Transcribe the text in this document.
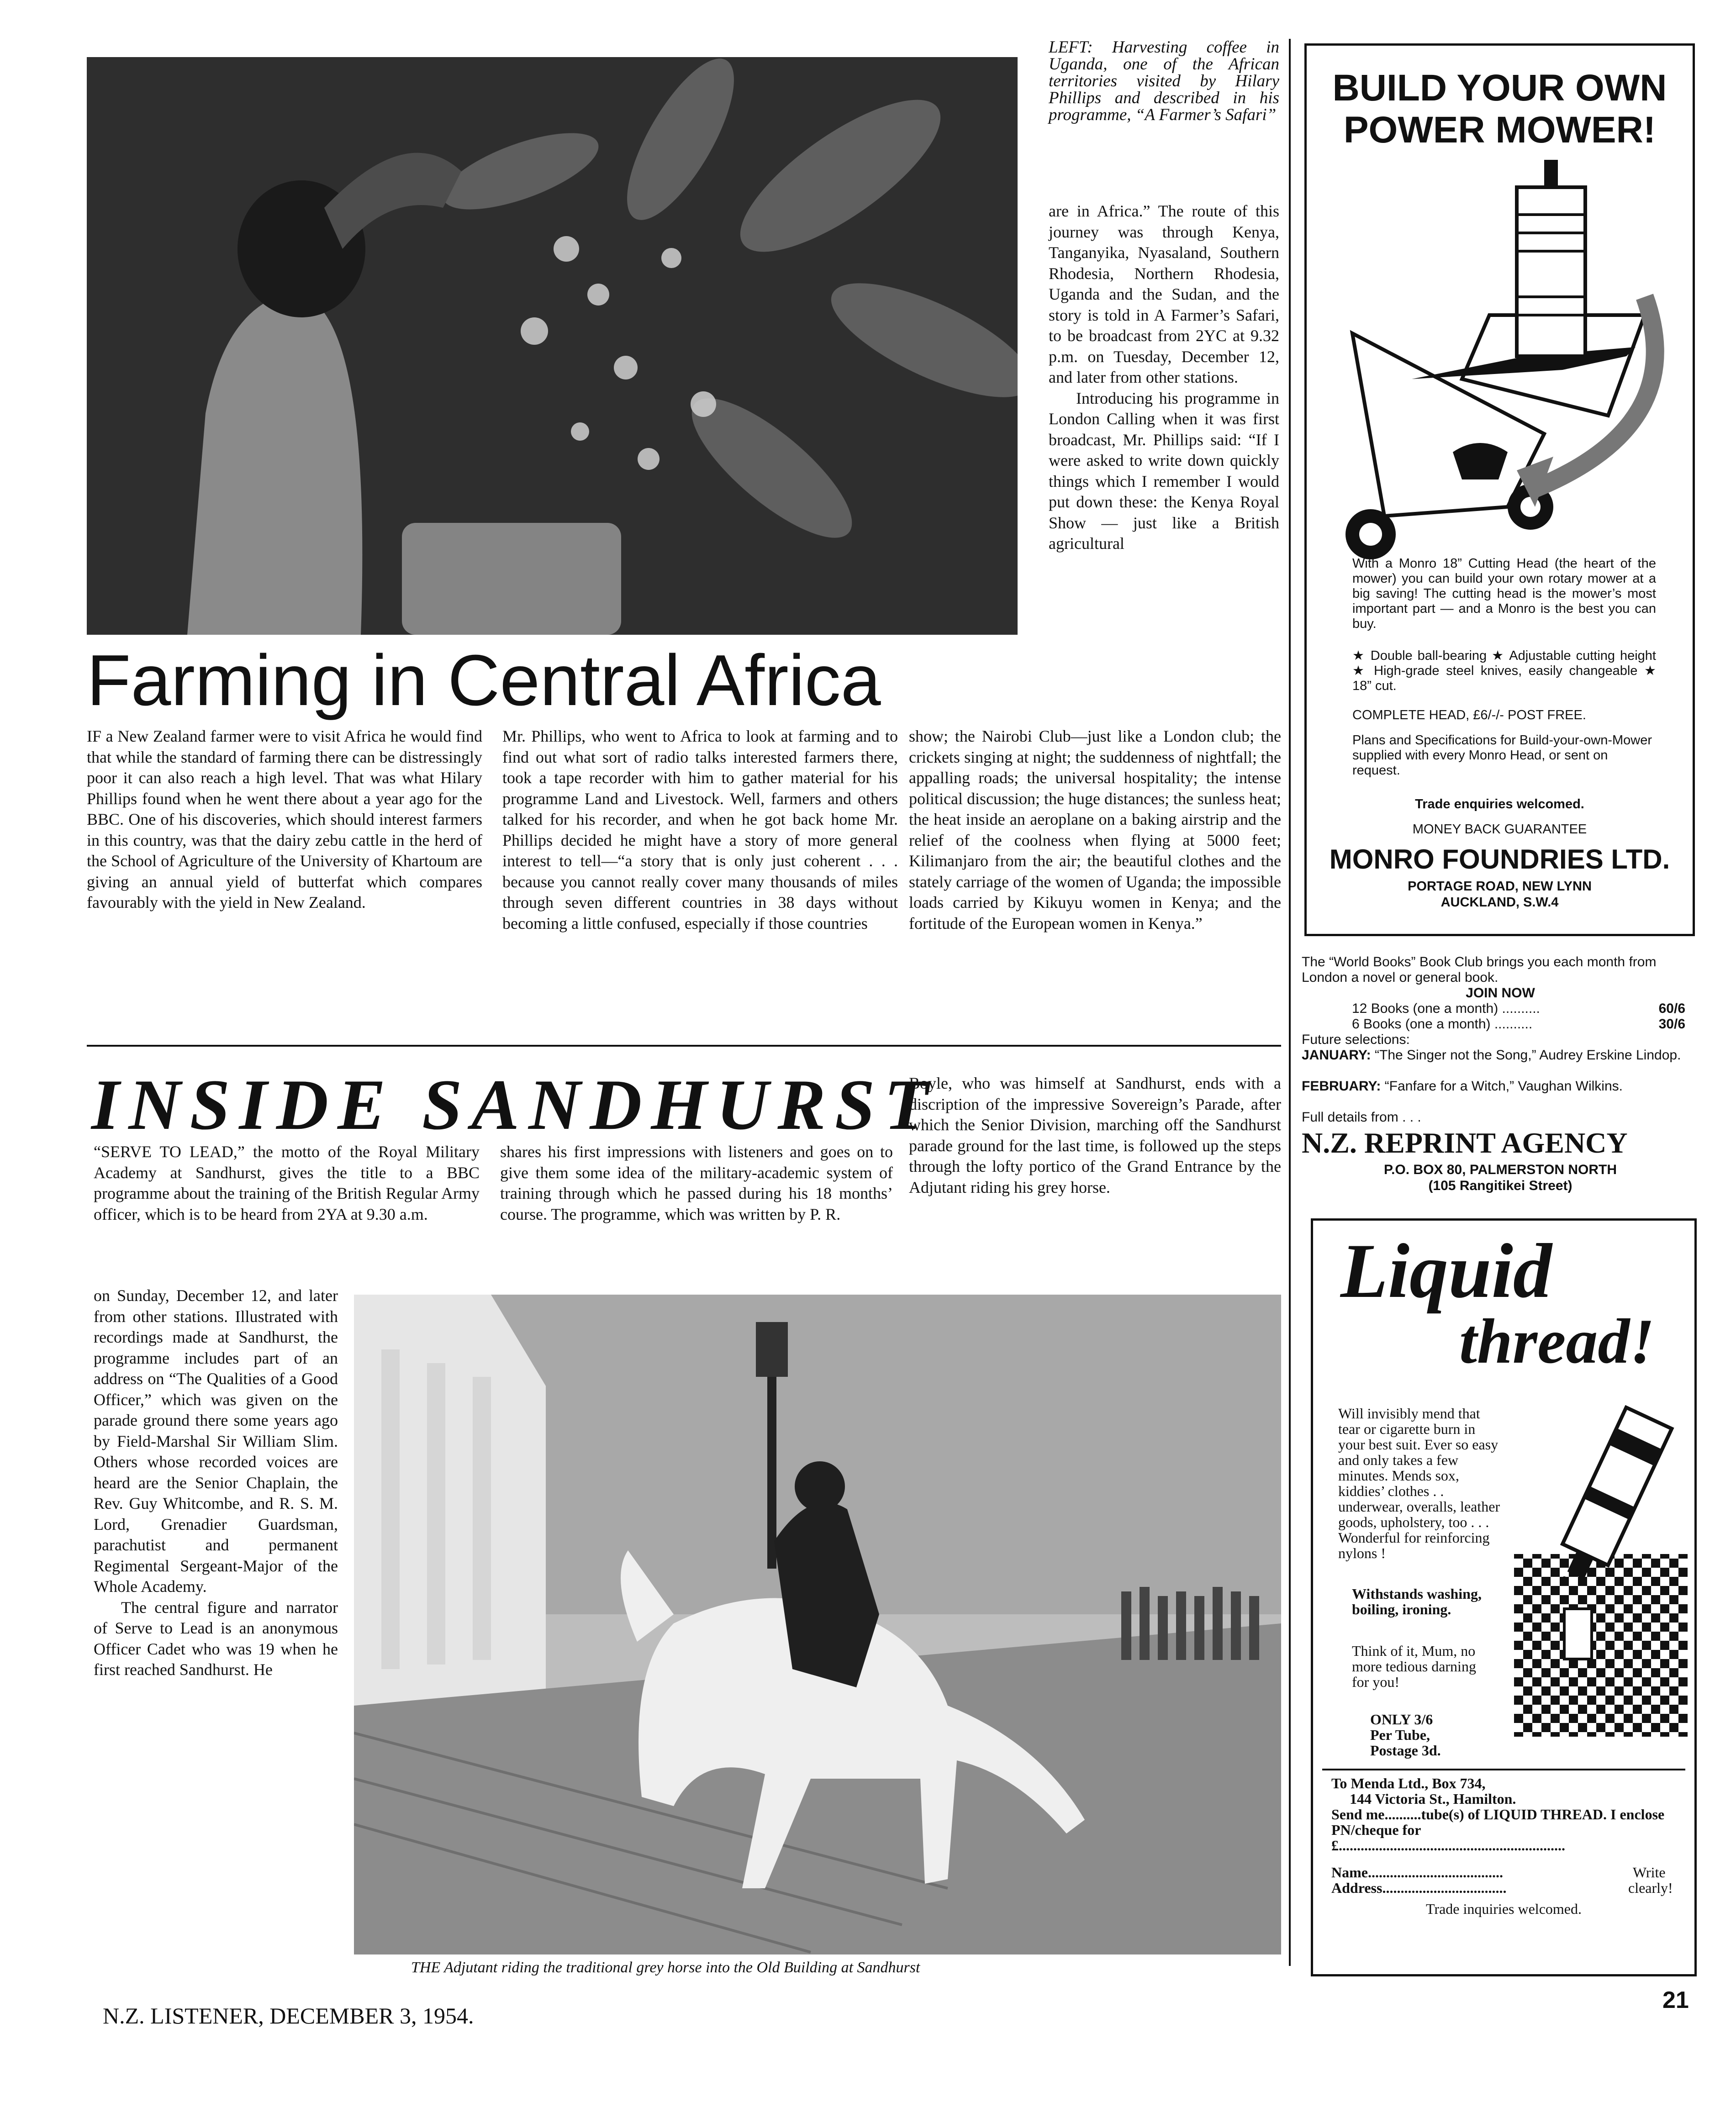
LEFT: Harvesting coffee in Uganda, one of the African territories visited by Hilary Phillips and described in his programme, “A Farmer’s Safari”
Farming in Central Africa

are in Africa.” The route of this journey was through Kenya, Tanganyika, Nyasaland, Southern Rhodesia, Northern Rhodesia, Uganda and the Sudan, and the story is told in A Farmer’s Safari, to be broadcast from 2YC at 9.32 p.m. on Tuesday, December 12, and later from other stations.

Introducing his programme in London Calling when it was first broadcast, Mr. Phillips said: “If I were asked to write down quickly things which I remember I would put down these: the Kenya Royal Show — just like a British agricultural

IF a New Zealand farmer were to visit Africa he would find that while the standard of farming there can be distressingly poor it can also reach a high level. That was what Hilary Phillips found when he went there about a year ago for the BBC. One of his discoveries, which should interest farmers in this country, was that the dairy zebu cattle in the herd of the School of Agriculture of the University of Khartoum are giving an annual yield of butterfat which compares favourably with the yield in New Zealand.
Mr. Phillips, who went to Africa to look at farming and to find out what sort of radio talks interested farmers there, took a tape recorder with him to gather material for his programme Land and Livestock. Well, farmers and others talked for his recorder, and when he got back home Mr. Phillips decided he might have a story of more general interest to tell—“a story that is only just coherent . . . because you cannot really cover many thousands of miles through seven different countries in 38 days without becoming a little confused, especially if those countries
show; the Nairobi Club—just like a London club; the crickets singing at night; the suddenness of nightfall; the appalling roads; the universal hospitality; the intense political discussion; the huge distances; the sunless heat; the heat inside an aeroplane on a baking airstrip and the relief of the coolness when flying at 5000 feet; Kilimanjaro from the air; the beautiful clothes and the stately carriage of the women of Uganda; the impossible loads carried by Kikuyu women in Kenya; and the fortitude of the European women in Kenya.”
INSIDE SANDHURST
“SERVE TO LEAD,” the motto of the Royal Military Academy at Sandhurst, gives the title to a BBC programme about the training of the British Regular Army officer, which is to be heard from 2YA at 9.30 a.m.

on Sunday, December 12, and later from other stations. Illustrated with recordings made at Sandhurst, the programme includes part of an address on “The Qualities of a Good Officer,” which was given on the parade ground there some years ago by Field-Marshal Sir William Slim. Others whose recorded voices are heard are the Senior Chaplain, the Rev. Guy Whitcombe, and R. S. M. Lord, Grenadier Guardsman, parachutist and permanent Regimental Sergeant-Major of the Whole Academy.

The central figure and narrator of Serve to Lead is an anonymous Officer Cadet who was 19 when he first reached Sandhurst. He

shares his first impressions with listeners and goes on to give them some idea of the military-academic system of training through which he passed during his 18 months’ course. The programme, which was written by P. R.
Boyle, who was himself at Sandhurst, ends with a discription of the impressive Sovereign’s Parade, after which the Senior Division, marching off the Sandhurst parade ground for the last time, is followed up the steps through the lofty portico of the Grand Entrance by the Adjutant riding his grey horse.
THE Adjutant riding the traditional grey horse into the Old Building at Sandhurst
N.Z. LISTENER, DECEMBER 3, 1954.
21
BUILD YOUR OWN
POWER MOWER!
With a Monro 18” Cutting Head (the heart of the mower) you can build your own rotary mower at a big saving! The cutting head is the mower’s most important part — and a Monro is the best you can buy.
★ Double ball-bearing ★ Adjustable cutting height ★ High-grade steel knives, easily changeable ★ 18” cut.
COMPLETE HEAD, £6/-/- POST FREE.
Plans and Specifications for Build-your-own-Mower supplied with every Monro Head, or sent on request.
Trade enquiries welcomed.
MONEY BACK GUARANTEE
MONRO FOUNDRIES LTD.
PORTAGE ROAD, NEW LYNN
AUCKLAND, S.W.4
The “World Books” Book Club brings you each month from London a novel or general book.
JOIN NOW
12 Books (one a month) ..........	60/6
6 Books (one a month) ..........	30/6
Future selections:
JANUARY: “The Singer not the Song,” Audrey Erskine Lindop.
FEBRUARY: “Fanfare for a Witch,” Vaughan Wilkins.
Full details from . . .
N.Z. REPRINT AGENCY
P.O. BOX 80, PALMERSTON NORTH
(105 Rangitikei Street)
Liquid
thread!
Will invisibly mend that tear or cigarette burn in your best suit. Ever so easy and only takes a few minutes. Mends sox, kiddies’ clothes . . underwear, overalls, leather goods, upholstery, too . . . Wonderful for reinforcing nylons !
Withstands washing, boiling, ironing.
Think of it, Mum, no more tedious darning for you!
ONLY 3/6
Per Tube,
Postage 3d.
To Menda Ltd., Box 734,
144 Victoria St., Hamilton.
Send me..........tube(s) of LIQUID THREAD. I enclose PN/cheque for
£..............................................................
Name.....................................	Write
Address..................................	clearly!
Trade inquiries welcomed.
